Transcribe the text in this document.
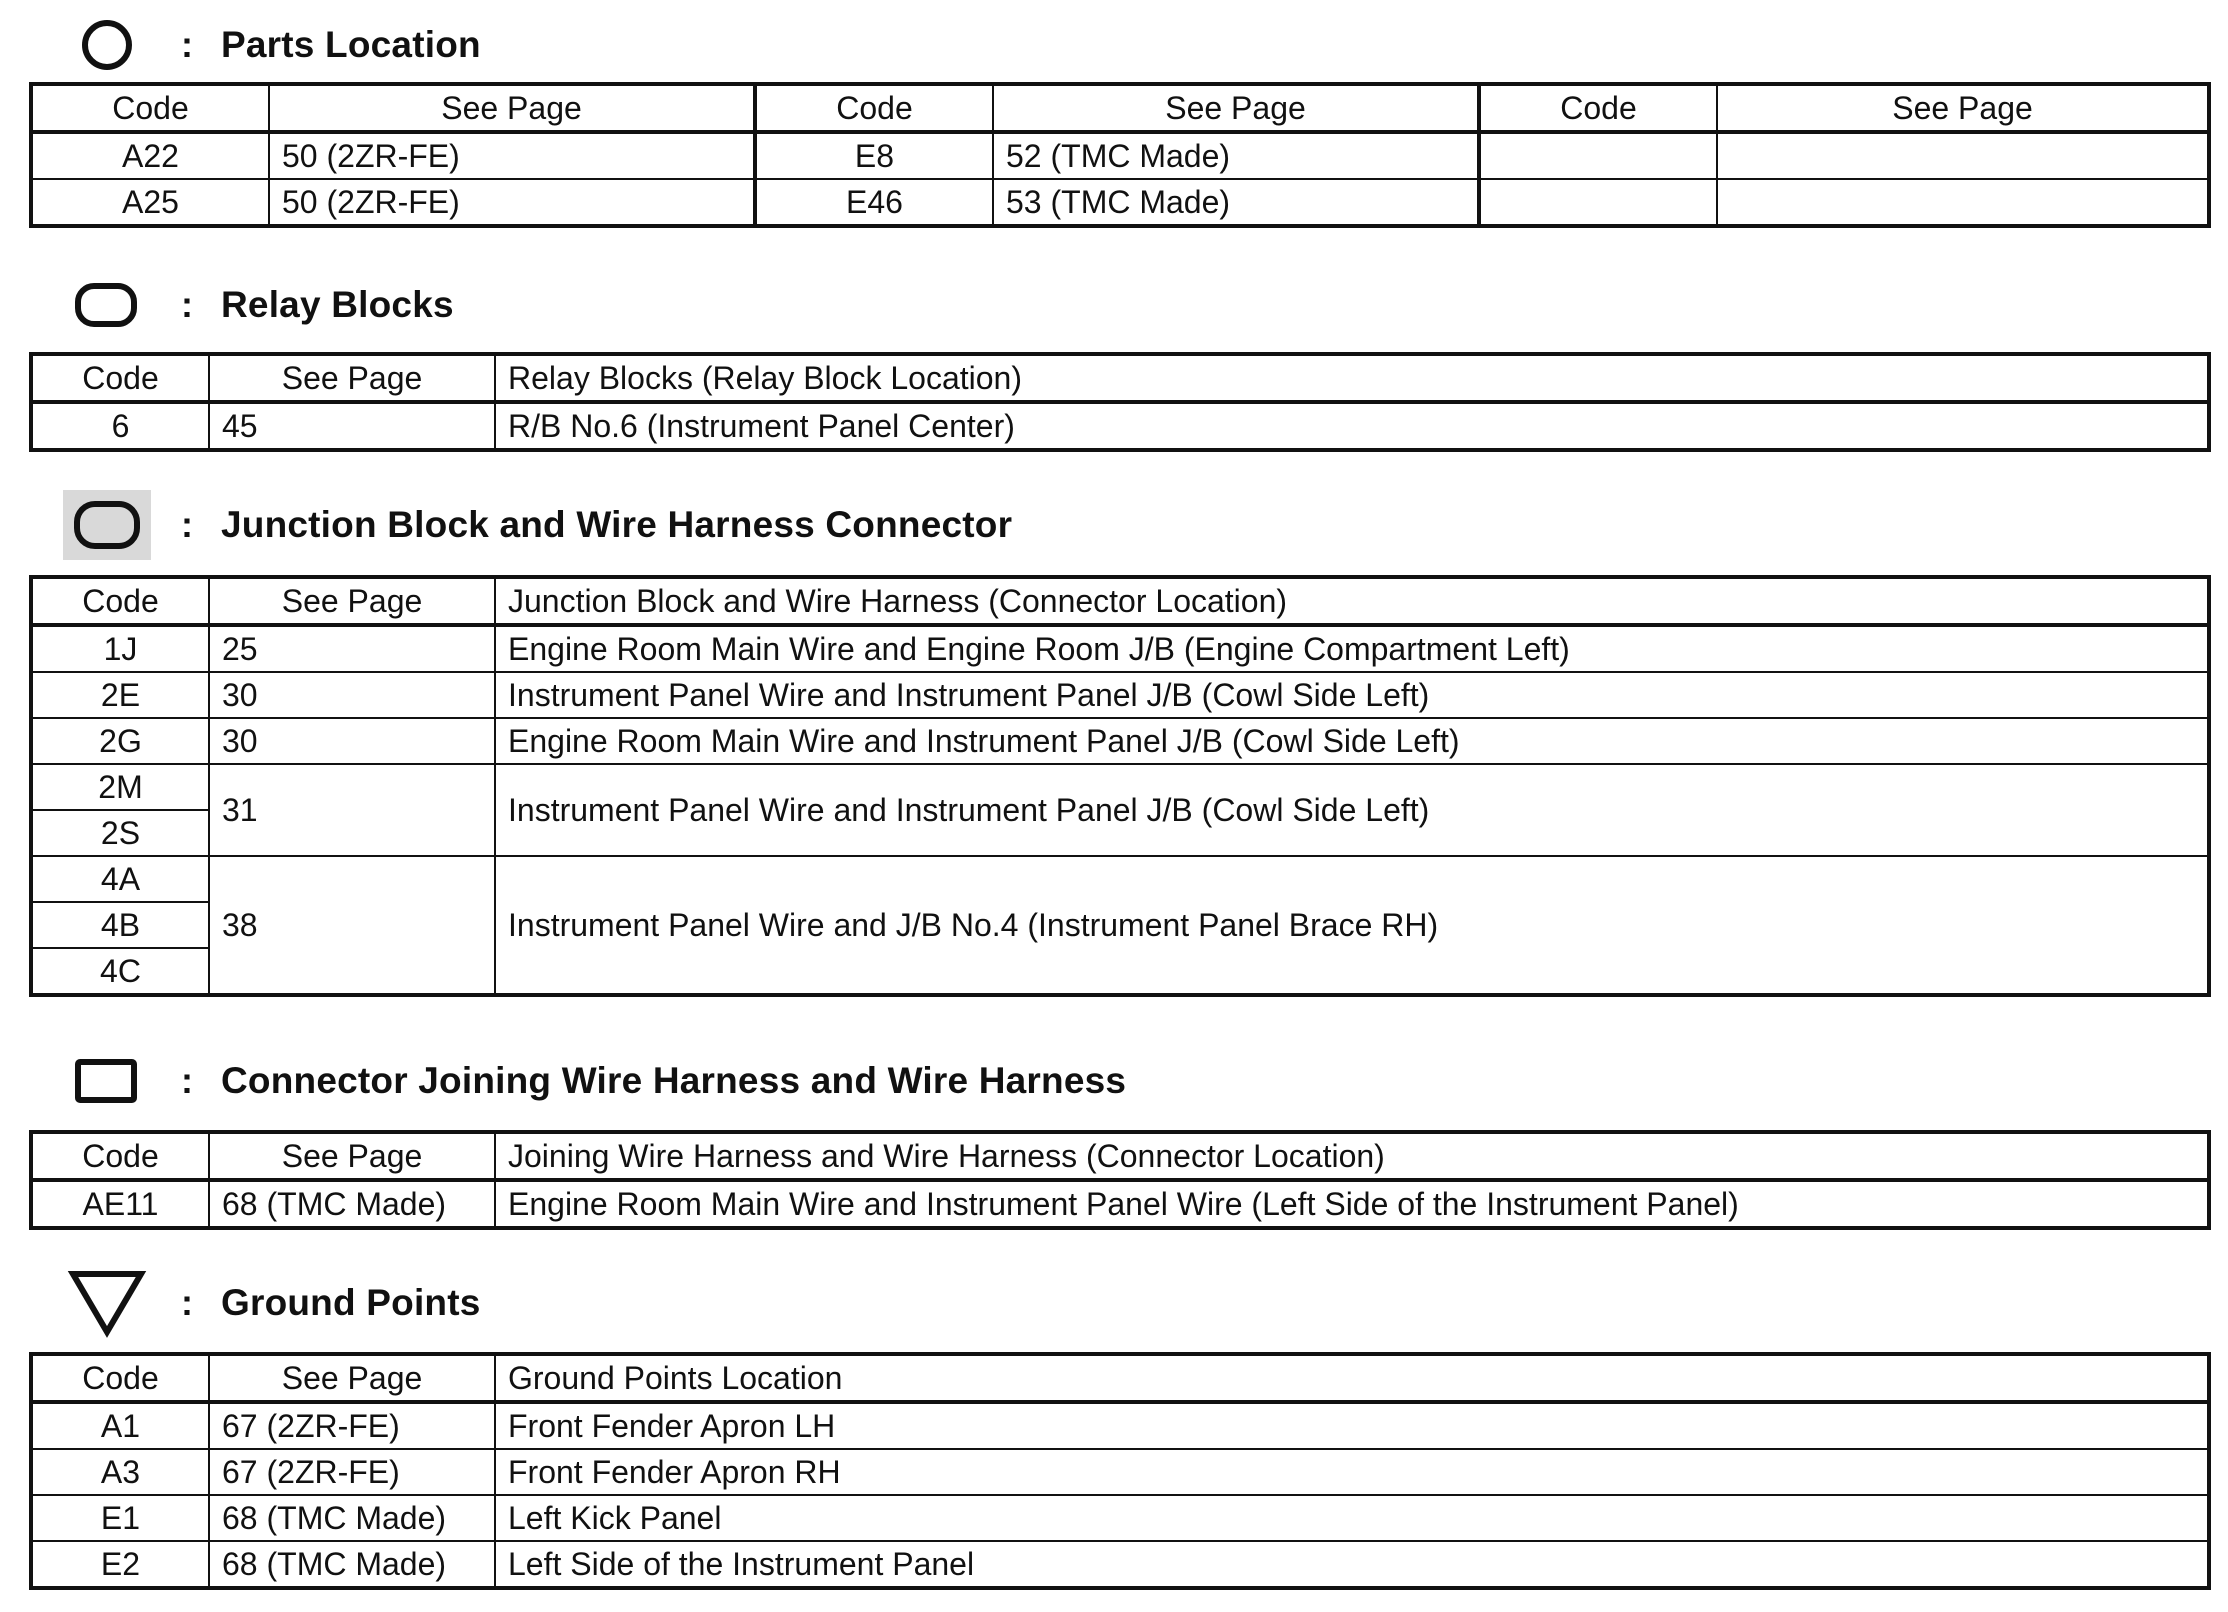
: Parts Location
Code	See Page	Code	See Page	Code	See Page
A22	50 (2ZR-FE)	E8	52 (TMC Made)		
A25	50 (2ZR-FE)	E46	53 (TMC Made)		
: Relay Blocks
Code	See Page	Relay Blocks (Relay Block Location)
6	45	R/B No.6 (Instrument Panel Center)
: Junction Block and Wire Harness Connector
Code	See Page	Junction Block and Wire Harness (Connector Location)
1J	25	Engine Room Main Wire and Engine Room J/B (Engine Compartment Left)
2E	30	Instrument Panel Wire and Instrument Panel J/B (Cowl Side Left)
2G	30	Engine Room Main Wire and Instrument Panel J/B (Cowl Side Left)
2M	31	Instrument Panel Wire and Instrument Panel J/B (Cowl Side Left)
2S		
4A	38	Instrument Panel Wire and J/B No.4 (Instrument Panel Brace RH)
4B		
4C		
: Connector Joining Wire Harness and Wire Harness
Code	See Page	Joining Wire Harness and Wire Harness (Connector Location)
AE11	68 (TMC Made)	Engine Room Main Wire and Instrument Panel Wire (Left Side of the Instrument Panel)
: Ground Points
Code	See Page	Ground Points Location
A1	67 (2ZR-FE)	Front Fender Apron LH
A3	67 (2ZR-FE)	Front Fender Apron RH
E1	68 (TMC Made)	Left Kick Panel
E2	68 (TMC Made)	Left Side of the Instrument Panel
